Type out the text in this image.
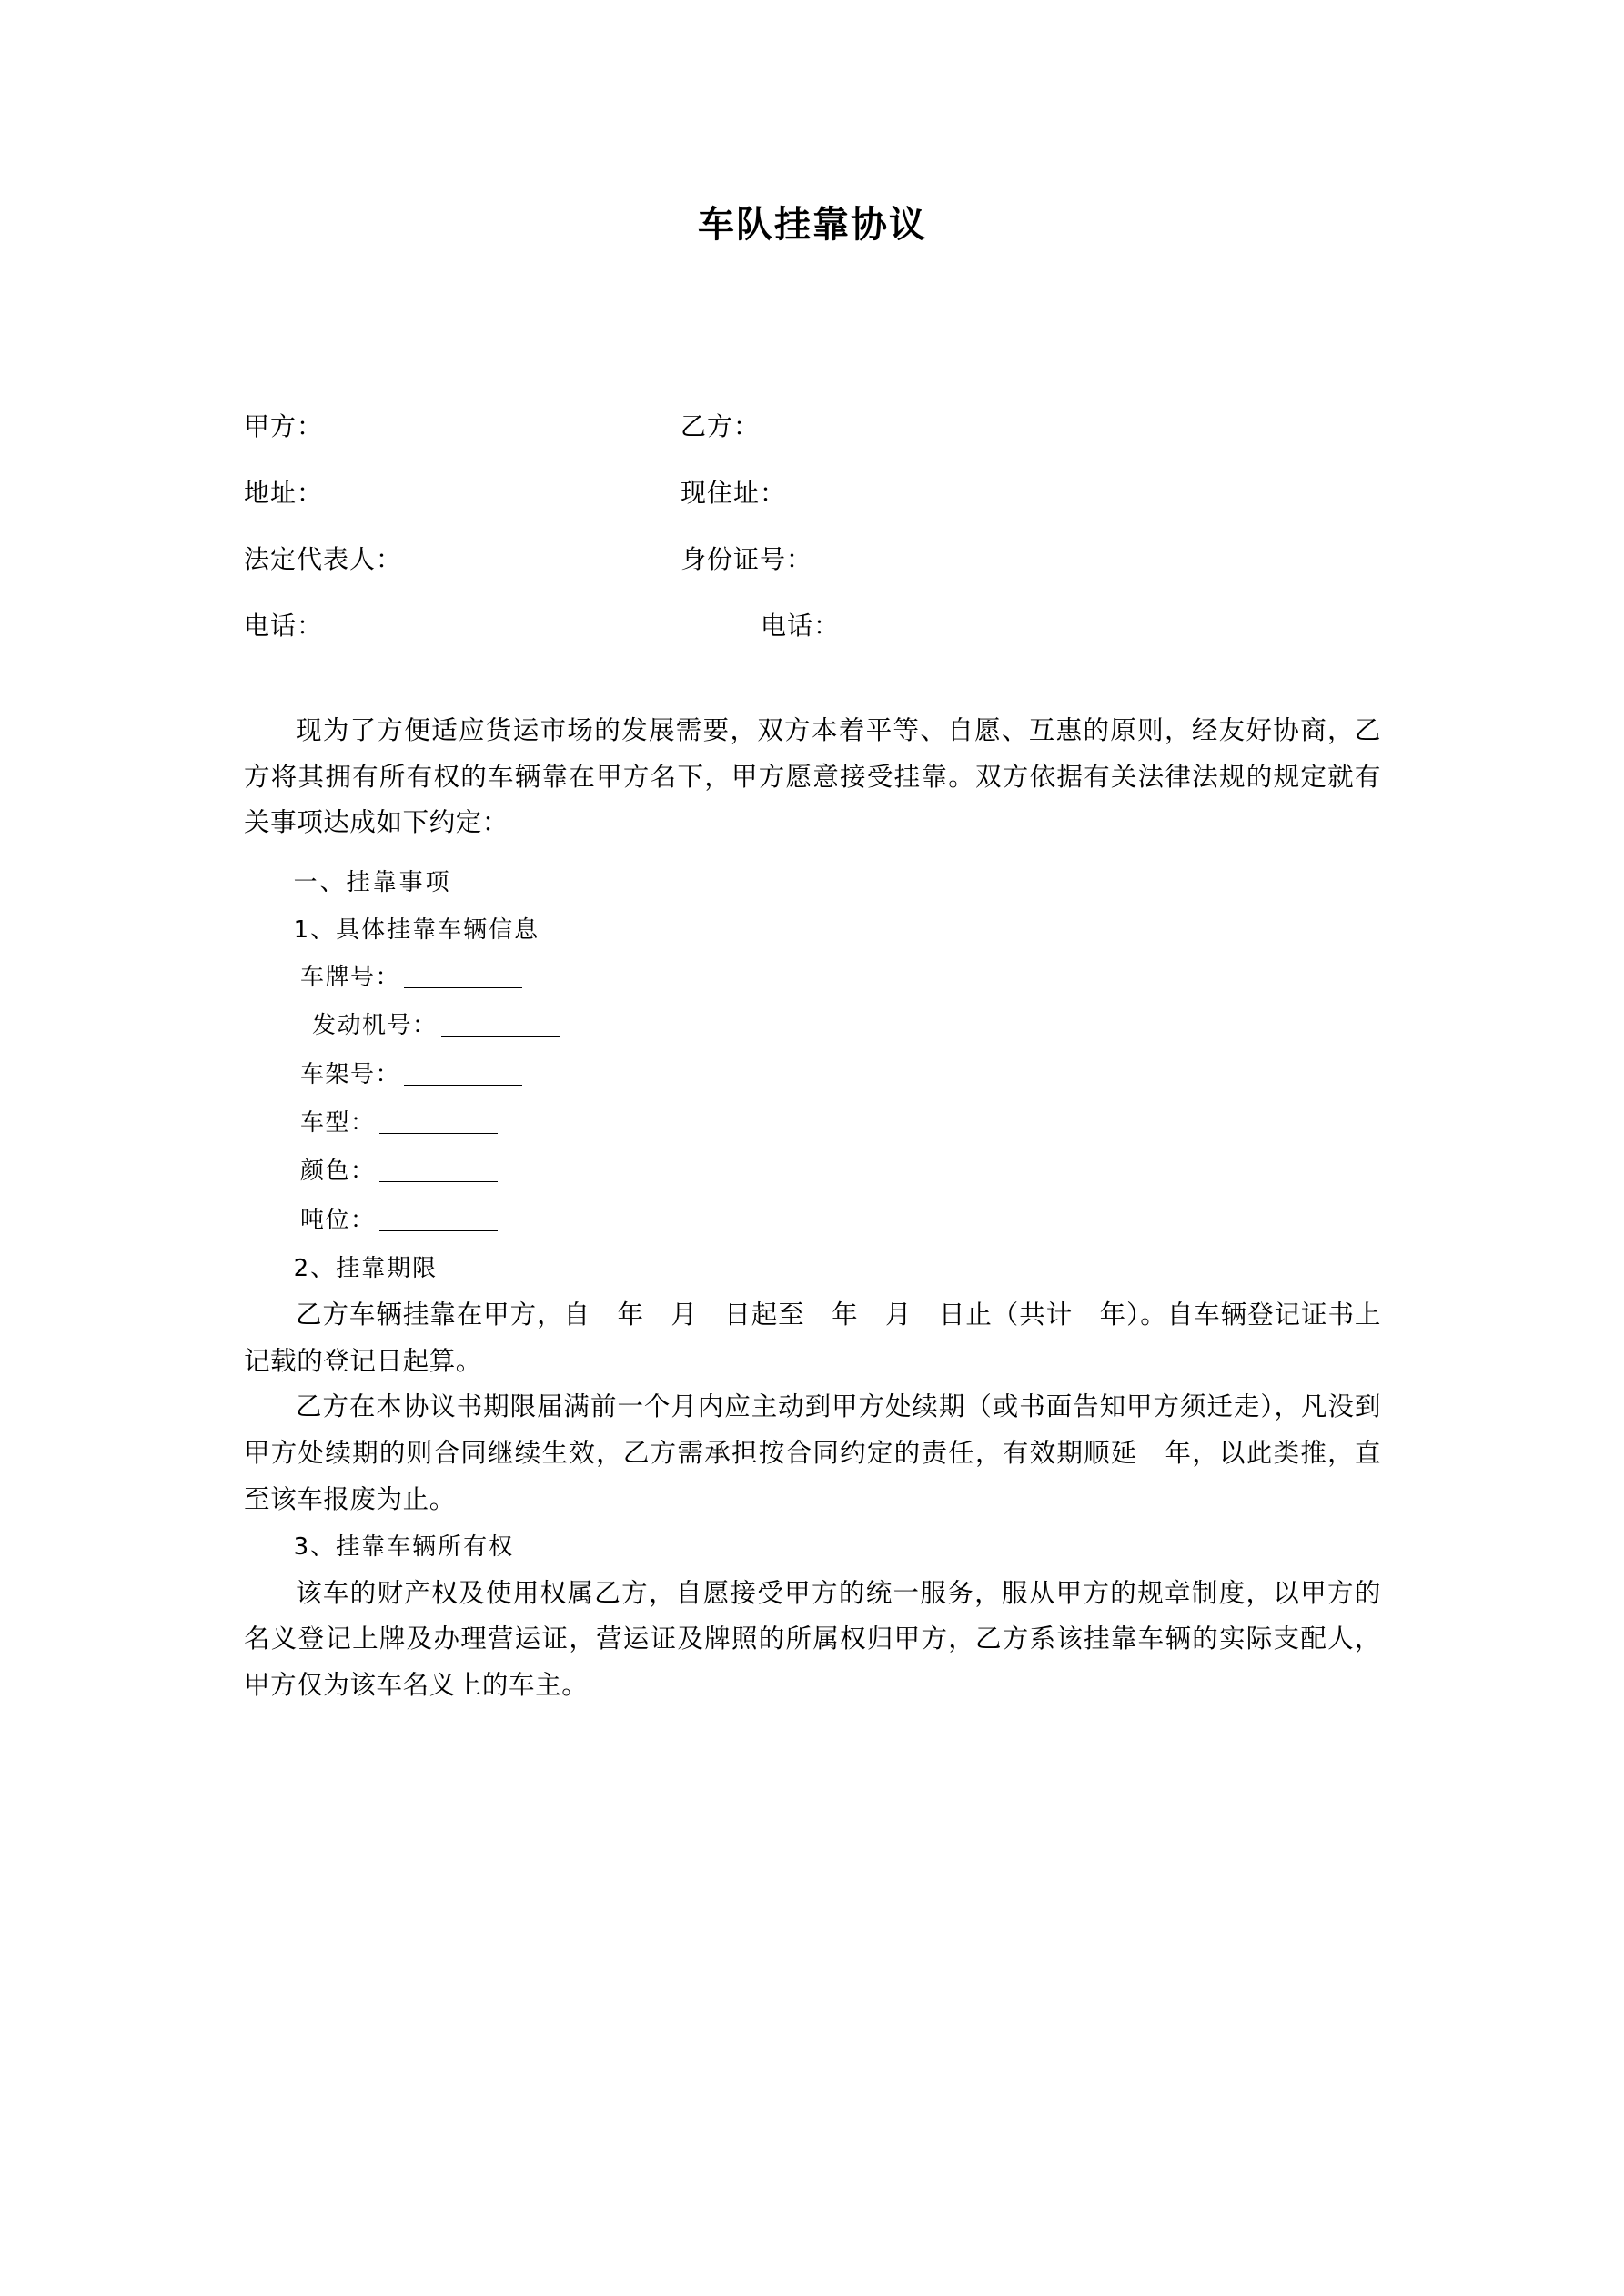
车队挂靠协议
甲方：	乙方：
地址：	现住址：
法定代表人：	身份证号：
电话：	电话：

现为了方便适应货运市场的发展需要，双方本着平等、自愿、互惠的原则，经友好协商，乙方将其拥有所有权的车辆靠在甲方名下，甲方愿意接受挂靠。双方依据有关法律法规的规定就有关事项达成如下约定：

一、挂靠事项

1、具体挂靠车辆信息

车牌号：

发动机号：

车架号：

车型：

颜色：

吨位：

2、挂靠期限

乙方车辆挂靠在甲方，自　年　月　日起至　年　月　日止（共计　年）。自车辆登记证书上记载的登记日起算。

乙方在本协议书期限届满前一个月内应主动到甲方处续期（或书面告知甲方须迁走），凡没到甲方处续期的则合同继续生效，乙方需承担按合同约定的责任，有效期顺延　年，以此类推，直至该车报废为止。

3、挂靠车辆所有权

该车的财产权及使用权属乙方，自愿接受甲方的统一服务，服从甲方的规章制度，以甲方的名义登记上牌及办理营运证，营运证及牌照的所属权归甲方，乙方系该挂靠车辆的实际支配人，甲方仅为该车名义上的车主。
